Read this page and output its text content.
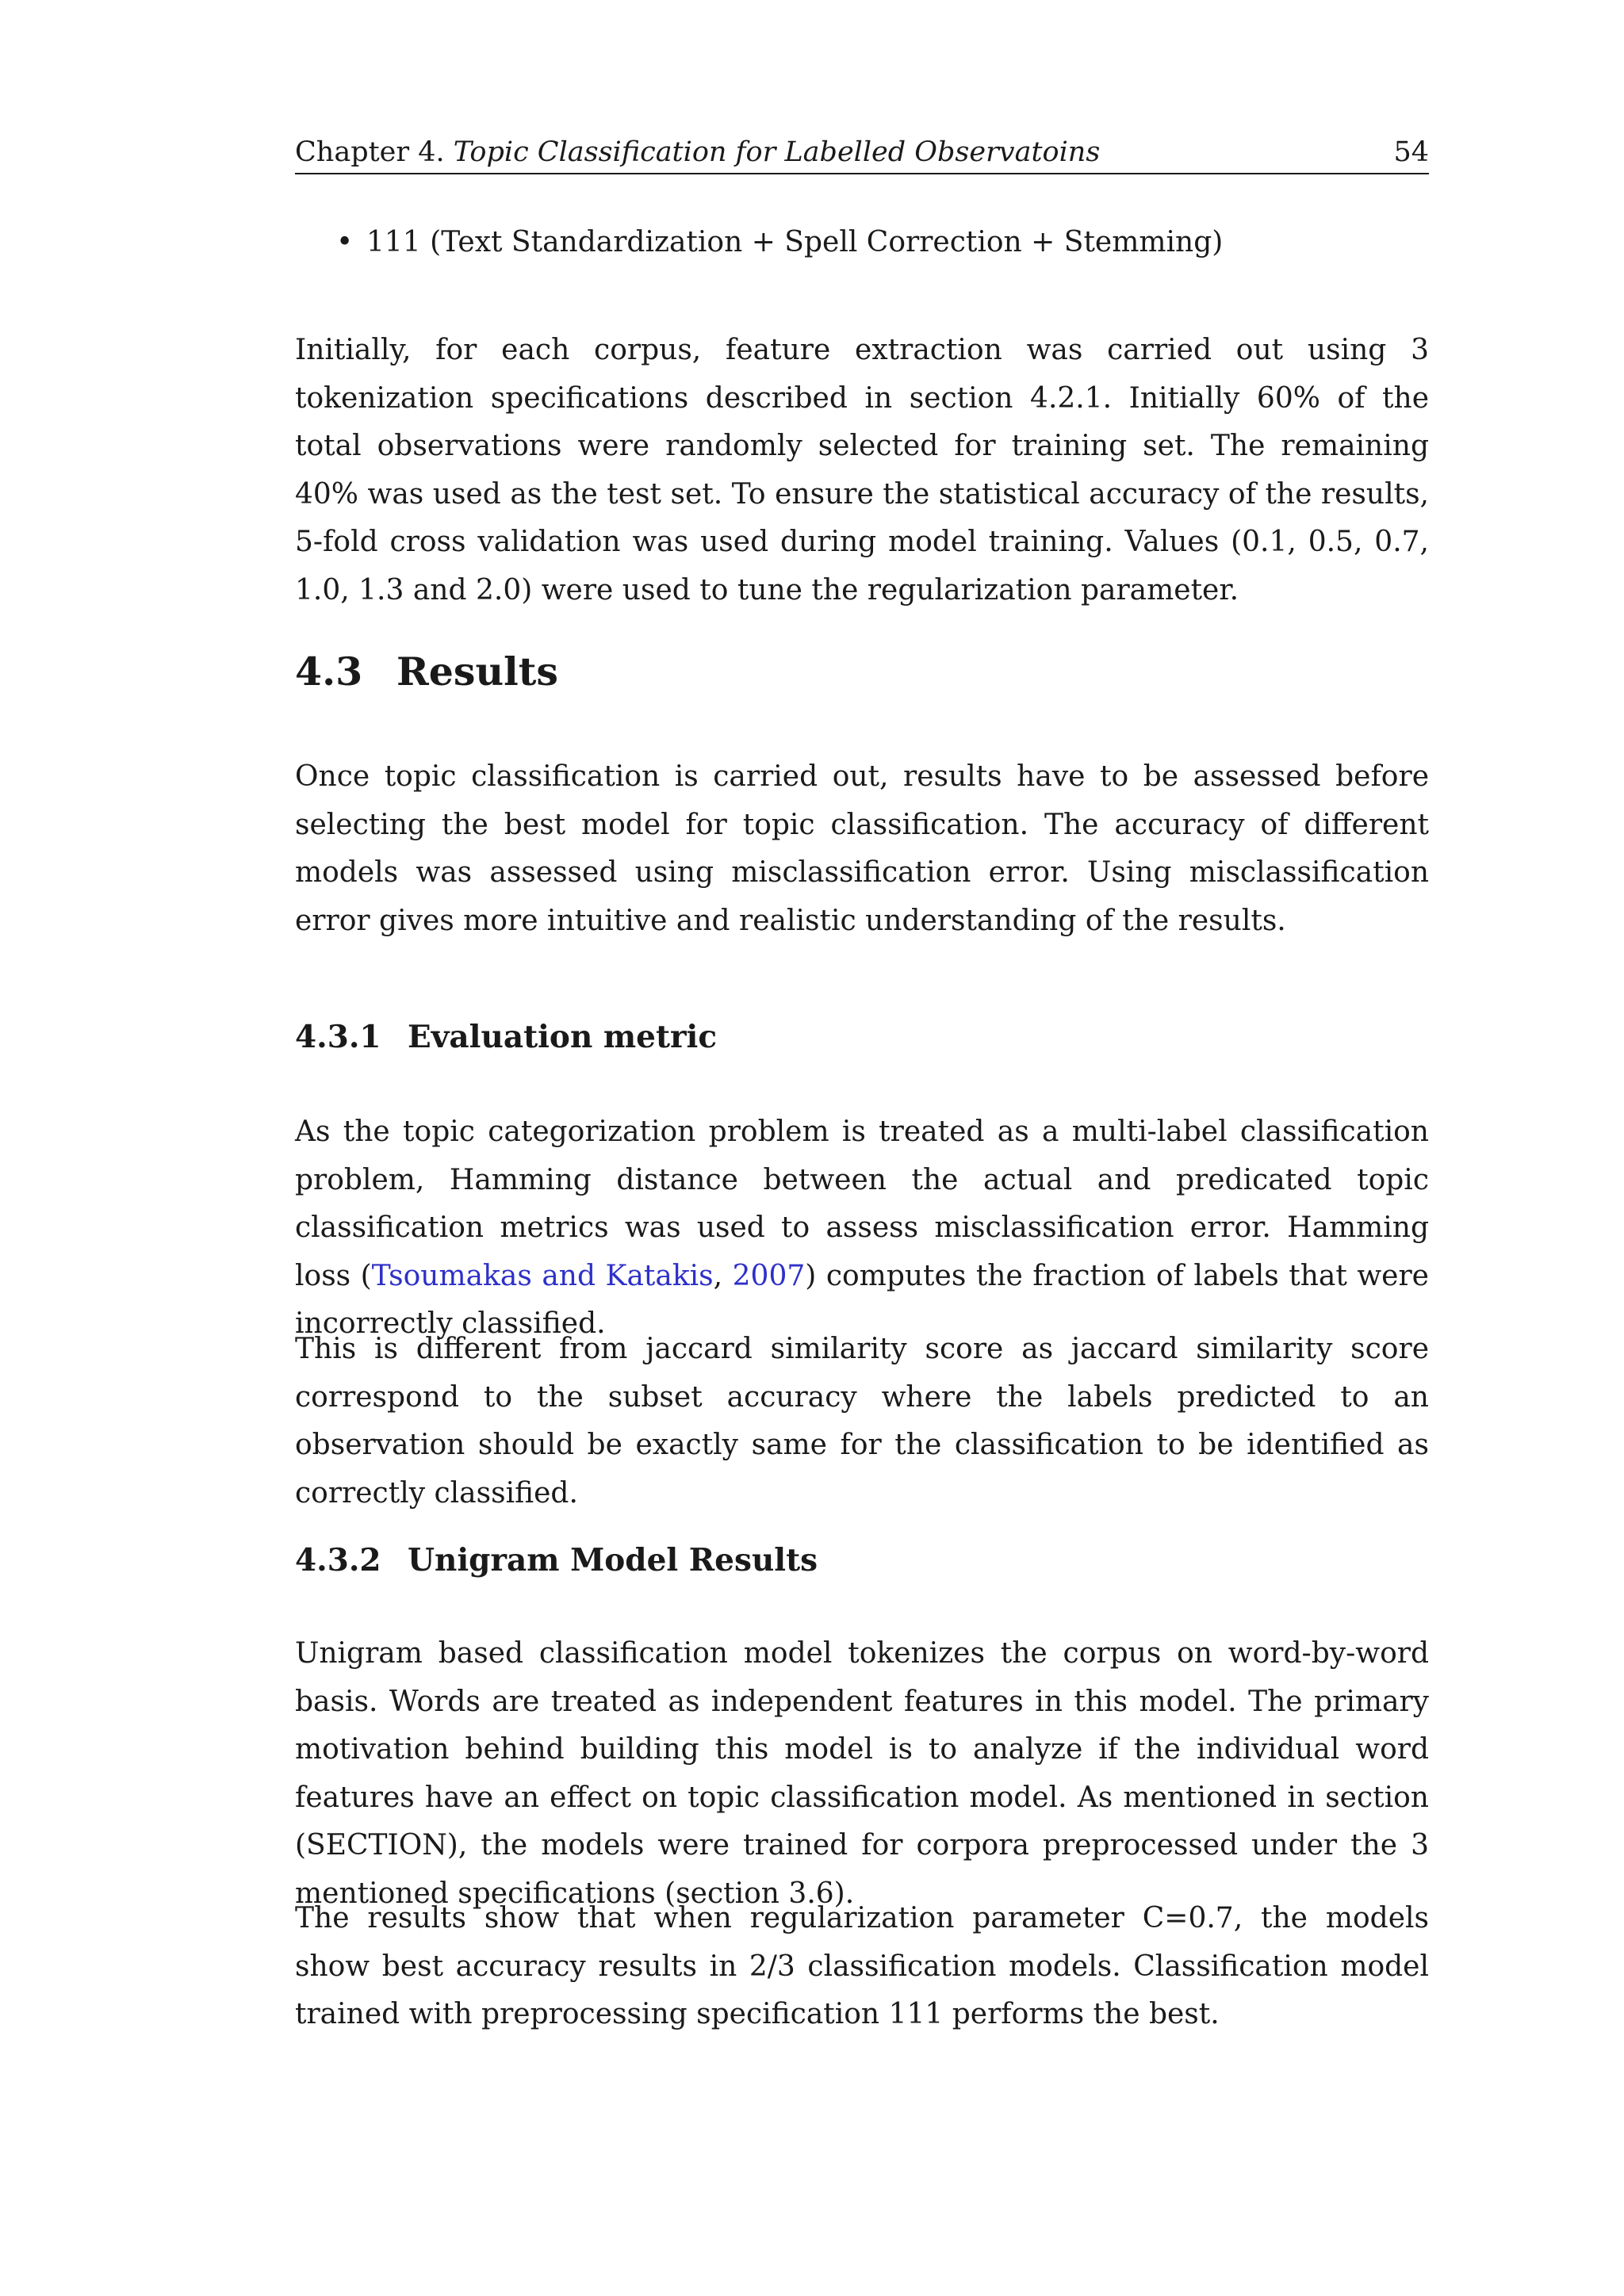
Chapter 4. Topic Classification for Labelled Observatoins	54
• 111 (Text Standardization + Spell Correction + Stemming)

Initially, for each corpus, feature extraction was carried out using 3 tokenization specifications described in section 4.2.1. Initially 60% of the total observations were randomly selected for training set. The remaining 40% was used as the test set. To ensure the statistical accuracy of the results, 5-fold cross validation was used during model training. Values (0.1, 0.5, 0.7, 1.0, 1.3 and 2.0) were used to tune the regularization parameter.

4.3 Results

Once topic classification is carried out, results have to be assessed before selecting the best model for topic classification. The accuracy of different models was assessed using misclassification error. Using misclassification error gives more intuitive and realistic understanding of the results.

4.3.1 Evaluation metric

As the topic categorization problem is treated as a multi-label classification problem, Hamming distance between the actual and predicated topic classification metrics was used to assess misclassification error. Hamming loss (Tsoumakas and Katakis, 2007) computes the fraction of labels that were incorrectly classified.

This is different from jaccard similarity score as jaccard similarity score correspond to the subset accuracy where the labels predicted to an observation should be exactly same for the classification to be identified as correctly classified.

4.3.2 Unigram Model Results

Unigram based classification model tokenizes the corpus on word-by-word basis. Words are treated as independent features in this model. The primary motivation behind building this model is to analyze if the individual word features have an effect on topic classification model. As mentioned in section (SECTION), the models were trained for corpora preprocessed under the 3 mentioned specifications (section 3.6).

The results show that when regularization parameter C=0.7, the models show best accuracy results in 2/3 classification models. Classification model trained with preprocessing specification 111 performs the best.
